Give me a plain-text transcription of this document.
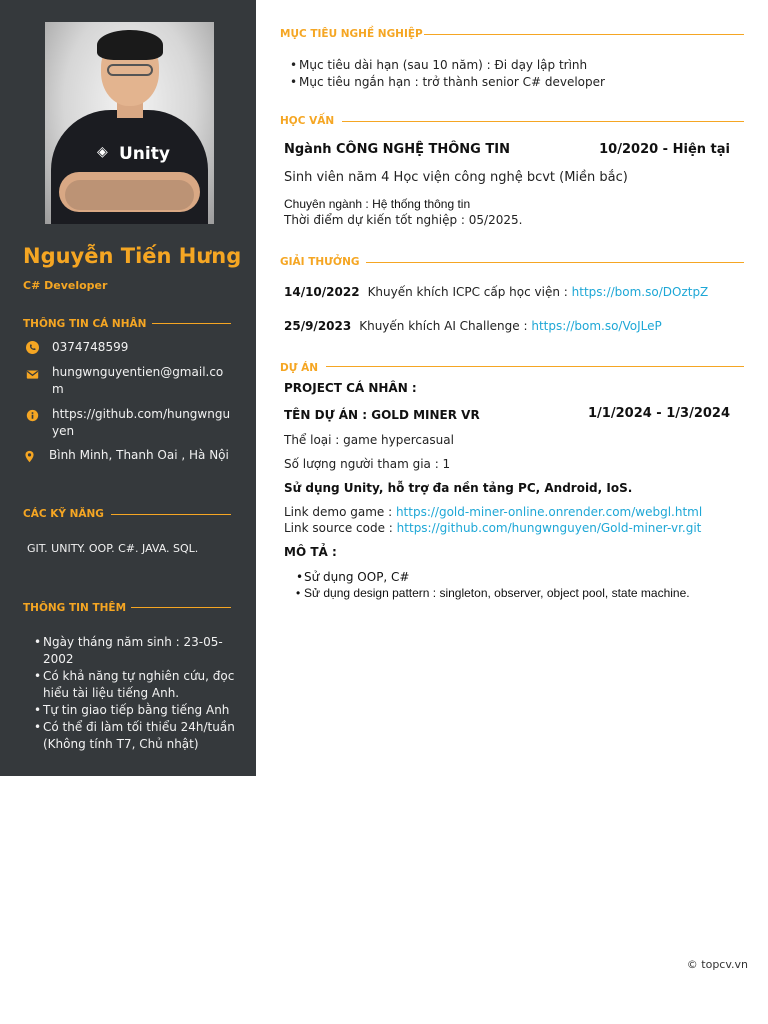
◈ Unity
Nguyễn Tiến Hưng
C# Developer
THÔNG TIN CÁ NHÂN
0374748599
hungwnguyentien@gmail.com
https://github.com/hungwnguyen
Bình Minh, Thanh Oai , Hà Nội
CÁC KỸ NĂNG
GIT. UNITY. OOP. C#. JAVA. SQL.
THÔNG TIN THÊM
• Ngày tháng năm sinh : 23-05-2002
• Có khả năng tự nghiên cứu, đọc hiểu tài liệu tiếng Anh.
• Tự tin giao tiếp bằng tiếng Anh
• Có thể đi làm tối thiểu 24h/tuần (Không tính T7, Chủ nhật)
MỤC TIÊU NGHỀ NGHIỆP
• Mục tiêu dài hạn (sau 10 năm) : Đi dạy lập trình
• Mục tiêu ngắn hạn : trở thành senior C# developer
HỌC VẤN
Ngành CÔNG NGHỆ THÔNG TIN	10/2020 - Hiện tại
Sinh viên năm 4 Học viện công nghệ bcvt (Miền bắc)
Chuyên ngành : Hệ thống thông tin
Thời điểm dự kiến tốt nghiệp : 05/2025.
GIẢI THƯỞNG
14/10/2022 Khuyến khích ICPC cấp học viện : https://bom.so/DOztpZ
25/9/2023 Khuyến khích AI Challenge : https://bom.so/VoJLeP
DỰ ÁN
PROJECT CÁ NHÂN :
TÊN DỰ ÁN : GOLD MINER VR	1/1/2024 - 1/3/2024
Thể loại : game hypercasual
Số lượng người tham gia : 1
Sử dụng Unity, hỗ trợ đa nền tảng PC, Android, IoS.
Link demo game : https://gold-miner-online.onrender.com/webgl.html
Link source code : https://github.com/hungwnguyen/Gold-miner-vr.git
MÔ TẢ :
• Sử dụng OOP, C#
• Sử dụng design pattern : singleton, observer, object pool, state machine.
© topcv.vn
